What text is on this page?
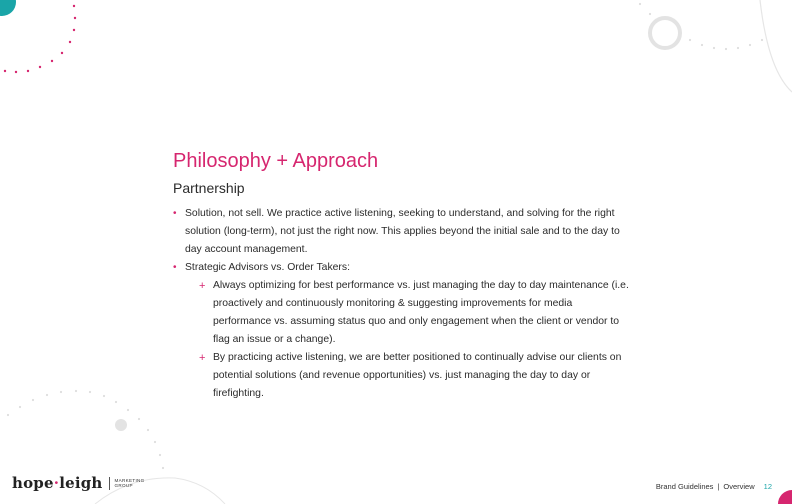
Philosophy + Approach
Partnership
• Solution, not sell. We practice active listening, seeking to understand, and solving for the right solution (long-term), not just the right now. This applies beyond the initial sale and to the day to day account management.
• Strategic Advisors vs. Order Takers:
+ Always optimizing for best performance vs. just managing the day to day maintenance (i.e. proactively and continuously monitoring & suggesting improvements for media performance vs. assuming status quo and only engagement when the client or vendor to flag an issue or a change).
+ By practicing active listening, we are better positioned to continually advise our clients on potential solutions (and revenue opportunities) vs. just managing the day to day or firefighting.
hope·leigh	MARKETING
GROUP	Brand Guidelines | Overview 12
